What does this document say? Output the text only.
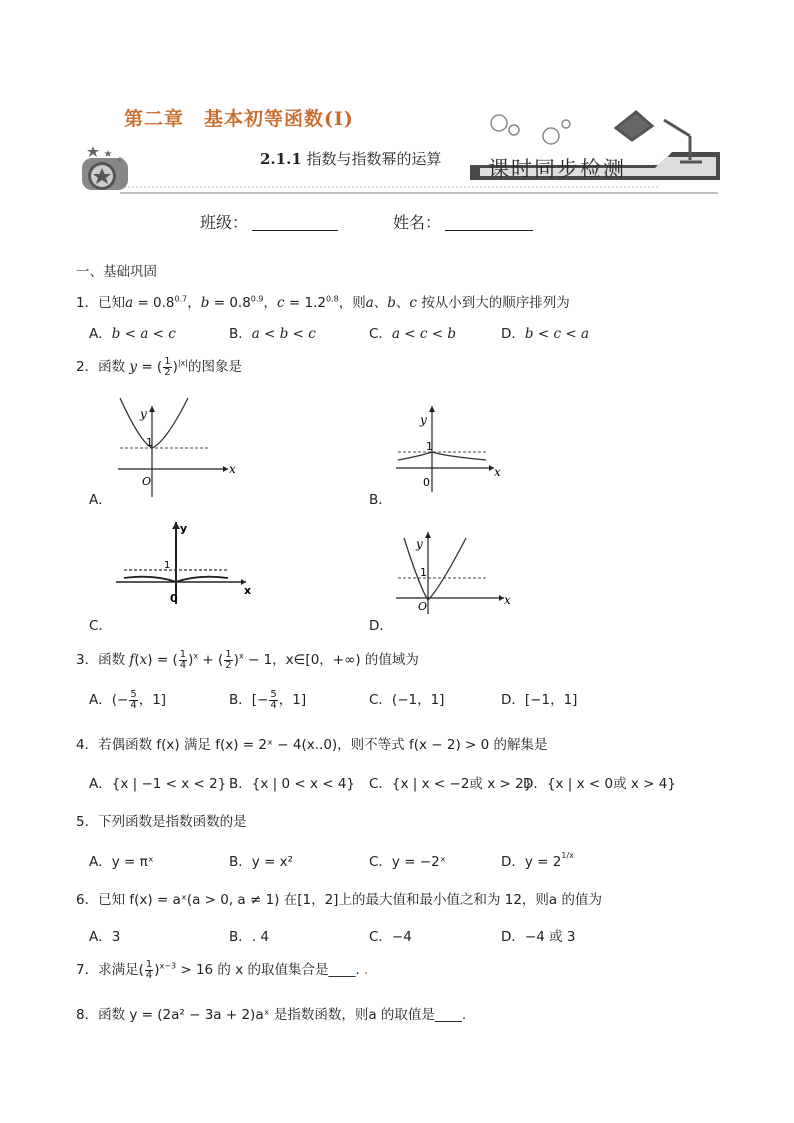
第二章　基本初等函数(Ⅰ)
2.1.1 指数与指数幂的运算 课时同步检测
班级：	姓名：
一、基础巩固
1．已知$a = 0.8^{0.7}$，$b = 0.8^{0.9}$，$c = 1.2^{0.8}$，则a、b、c 按从小到大的顺序排列为
A．b < a < c	B．a < b < c	C．a < c < b	D．b < c < a
2．函数 y = ( $\frac{1}{2} )^{|x|}$的图象是
y
1
O
x
A．
y
1
0
x
B．
y
1
0
x
C．
y
1
O	x
D．
3．函数 f(x) = ( $\frac{1}{4} )^x$ + ( $\frac{1}{2} )^x - 1$，x∈[0，+∞) 的值域为
A．(− $\frac{5}{4}$ ，1]	B．[− $\frac{5}{4}$ ，1]	C．(−1，1]	D．[−1，1]
4．若偶函数 f(x) 满足 f(x) = 2ˣ − 4(x..0)，则不等式 f(x − 2) > 0 的解集是
A．{x | −1 < x < 2} B．{x | 0 < x < 4} C．{x | x < −2或 x > 2}
D．{x | x < 0或 x > 4}
5．下列函数是指数函数的是
A．y = πˣ	B．y = x²	C．y = −2ˣ	D．$y = 2^{1/x}$
6．已知 f(x) = aˣ(a > 0, a ≠ 1) 在[1，2]上的最大值和最小值之和为 12，则a 的值为
A．3	B．. 4	C．−4	D．−4 或 3
7．求满足( $\frac{1}{4} )^{x-3} > 16$ 的 x 的取值集合是____. .
8．函数 y = (2a² − 3a + 2)aˣ 是指数函数，则a 的取值是____.
